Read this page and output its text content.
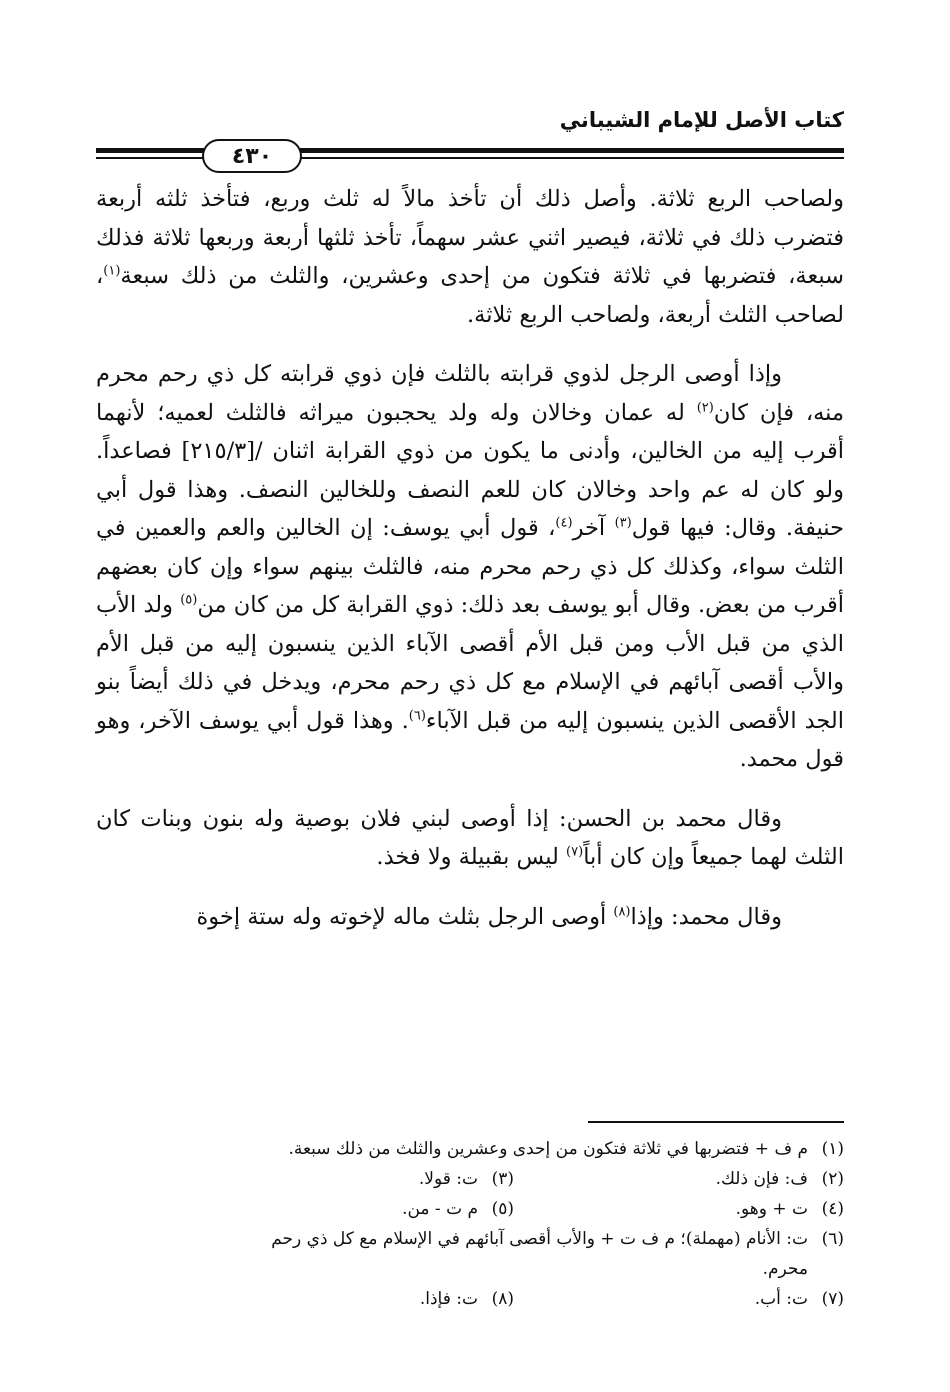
كتاب الأصل للإمام الشيباني
٤٣٠

ولصاحب الربع ثلاثة. وأصل ذلك أن تأخذ مالاً له ثلث وربع، فتأخذ ثلثه أربعة فتضرب ذلك في ثلاثة، فيصير اثني عشر سهماً، تأخذ ثلثها أربعة وربعها ثلاثة فذلك سبعة، فتضربها في ثلاثة فتكون من إحدى وعشرين، والثلث من ذلك سبعة$^{(١)}$، لصاحب الثلث أربعة، ولصاحب الربع ثلاثة.

وإذا أوصى الرجل لذوي قرابته بالثلث فإن ذوي قرابته كل ذي رحم محرم منه، فإن كان$^{(٢)}$ له عمان وخالان وله ولد يحجبون ميراثه فالثلث لعميه؛ لأنهما أقرب إليه من الخالين، وأدنى ما يكون من ذوي القرابة اثنان /[٢١٥/٣] فصاعداً. ولو كان له عم واحد وخالان كان للعم النصف وللخالين النصف. وهذا قول أبي حنيفة. وقال: فيها قول$^{(٣)}$ آخر$^{(٤)}$، قول أبي يوسف: إن الخالين والعم والعمين في الثلث سواء، وكذلك كل ذي رحم محرم منه، فالثلث بينهم سواء وإن كان بعضهم أقرب من بعض. وقال أبو يوسف بعد ذلك: ذوي القرابة كل من كان من$^{(٥)}$ ولد الأب الذي من قبل الأب ومن قبل الأم أقصى الآباء الذين ينسبون إليه من قبل الأم والأب أقصى آبائهم في الإسلام مع كل ذي رحم محرم، ويدخل في ذلك أيضاً بنو الجد الأقصى الذين ينسبون إليه من قبل الآباء$^{(٦)}$. وهذا قول أبي يوسف الآخر، وهو قول محمد.

وقال محمد بن الحسن: إذا أوصى لبني فلان بوصية وله بنون وبنات كان الثلث لهما جميعاً وإن كان أباً$^{(٧)}$ ليس بقبيلة ولا فخذ.

وقال محمد: وإذا$^{(٨)}$ أوصى الرجل بثلث ماله لإخوته وله ستة إخوة

(١)
م ف + فتضربها في ثلاثة فتكون من إحدى وعشرين والثلث من ذلك سبعة.
(٢)
ف: فإن ذلك.
(٣)
ت: قولا.
(٤)
ت + وهو.
(٥)
م ت - من.
(٦)
ت: الأنام (مهملة)؛ م ف ت + والأب أقصى آبائهم في الإسلام مع كل ذي رحم
محرم.
(٧)
ت: أب.
(٨)
ت: فإذا.
